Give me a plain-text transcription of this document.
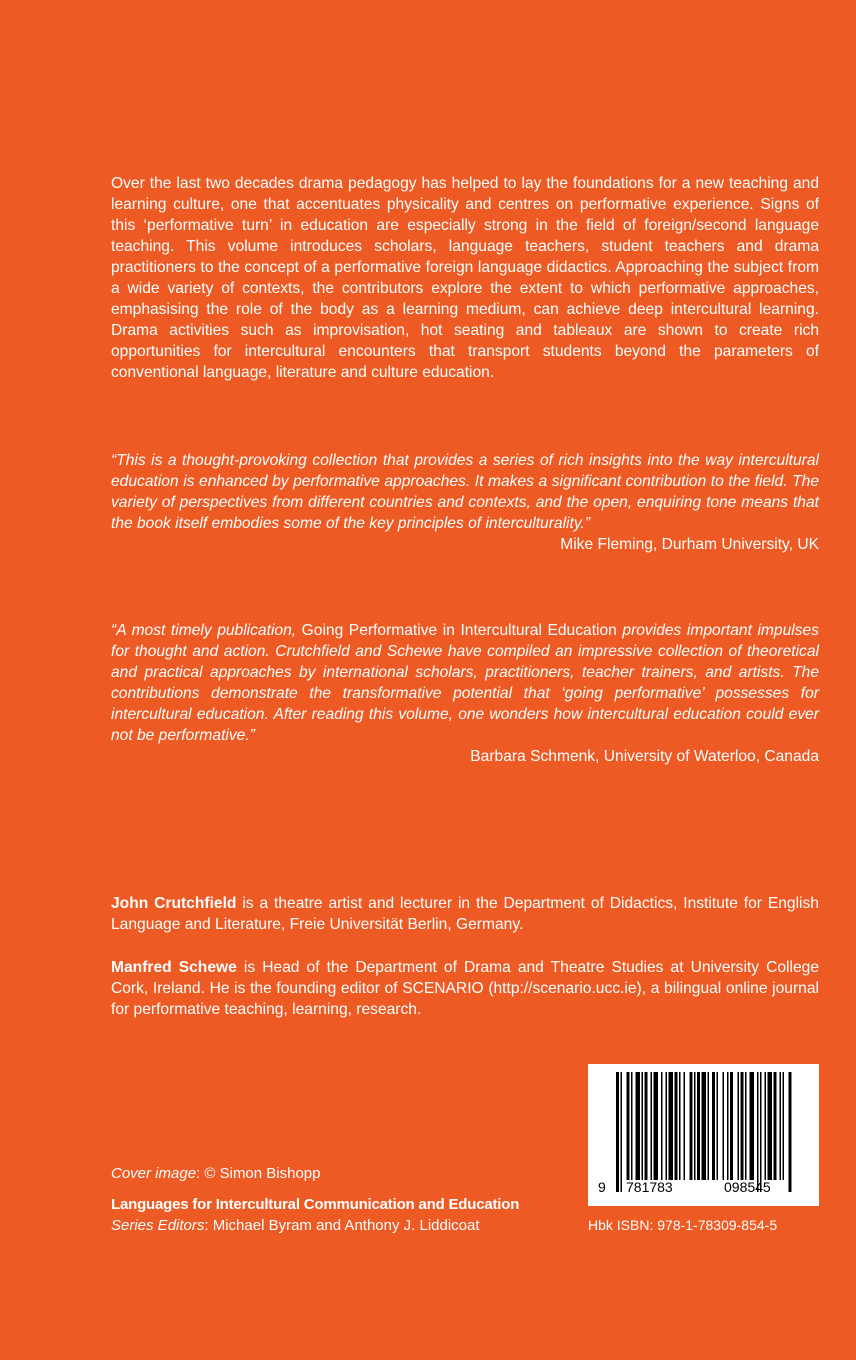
Over the last two decades drama pedagogy has helped to lay the foundations for a new teaching and learning culture, one that accentuates physicality and centres on performative experience. Signs of this ‘performative turn’ in education are especially strong in the field of foreign/second language teaching. This volume introduces scholars, language teachers, student teachers and drama practitioners to the concept of a performative foreign language didactics. Approaching the subject from a wide variety of contexts, the contributors explore the extent to which performative approaches, emphasising the role of the body as a learning medium, can achieve deep intercultural learning. Drama activities such as improvisation, hot seating and tableaux are shown to create rich opportunities for intercultural encounters that transport students beyond the parameters of conventional language, literature and culture education.

“This is a thought-provoking collection that provides a series of rich insights into the way intercultural education is enhanced by performative approaches. It makes a significant contribution to the field. The variety of perspectives from different countries and contexts, and the open, enquiring tone means that the book itself embodies some of the key principles of interculturality.”

Mike Fleming, Durham University, UK

“A most timely publication, Going Performative in Intercultural Education provides important impulses for thought and action. Crutchfield and Schewe have compiled an impressive collection of theoretical and practical approaches by international scholars, practitioners, teacher trainers, and artists. The contributions demonstrate the transformative potential that ‘going performative’ possesses for intercultural education. After reading this volume, one wonders how intercultural education could ever not be performative.”

Barbara Schmenk, University of Waterloo, Canada

John Crutchfield is a theatre artist and lecturer in the Department of Didactics, Institute for English Language and Literature, Freie Universität Berlin, Germany.

Manfred Schewe is Head of the Department of Drama and Theatre Studies at University College Cork, Ireland. He is the founding editor of SCENARIO (http://scenario.ucc.ie), a bilingual online journal for performative teaching, learning, research.

9 781783	098545
Cover image: © Simon Bishopp
Languages for Intercultural Communication and Education
Series Editors: Michael Byram and Anthony J. Liddicoat	Hbk ISBN: 978-1-78309-854-5
